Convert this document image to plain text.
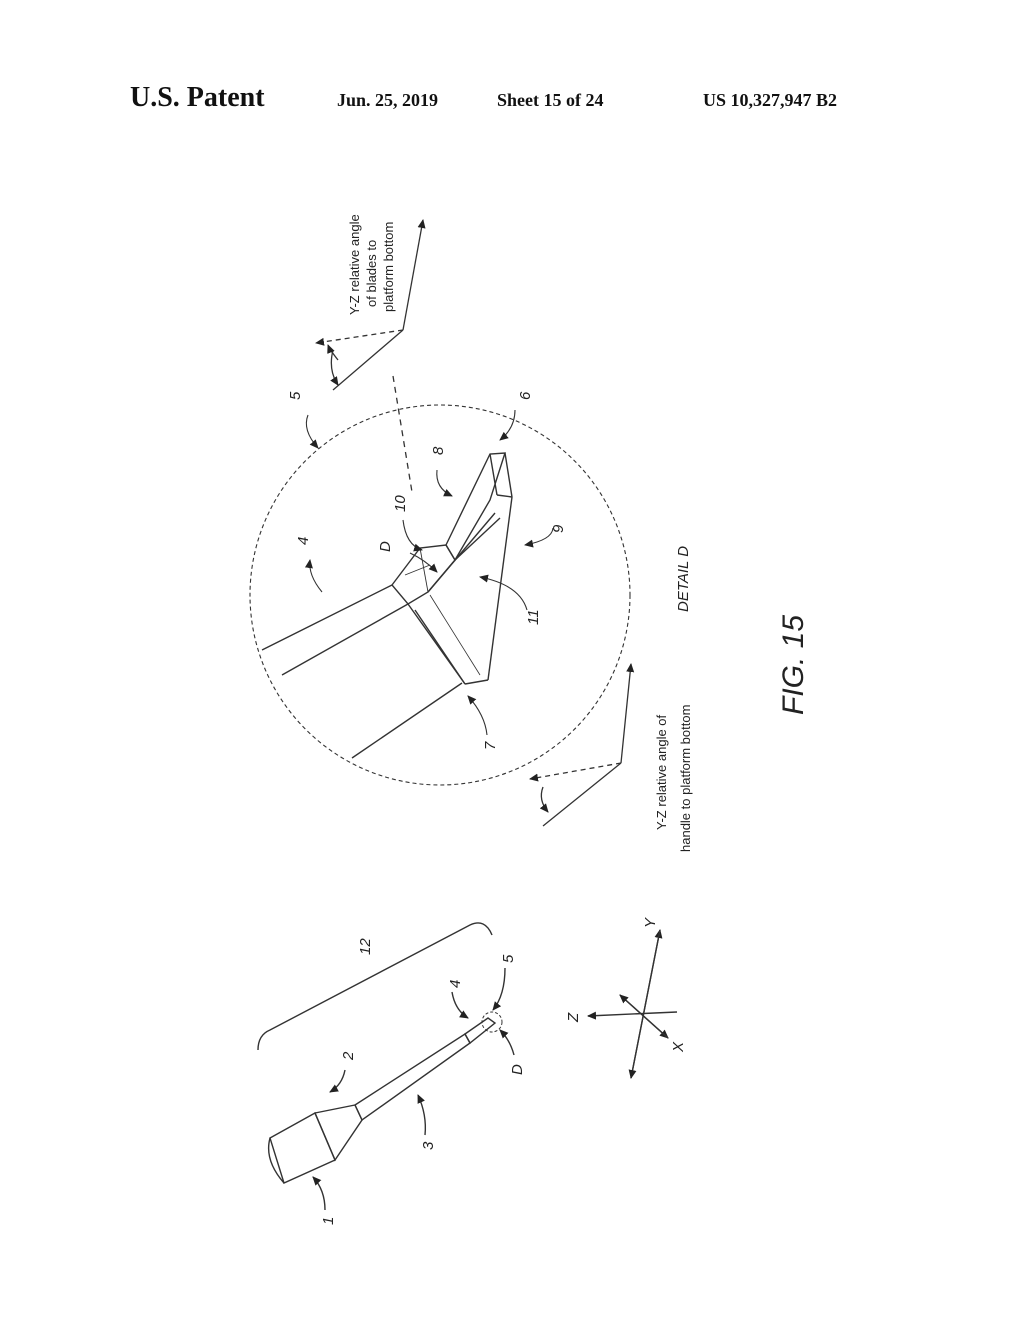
U.S. Patent	Jun. 25, 2019	Sheet 15 of 24	US 10,327,947 B2
5
4
6
8
10
D
9
11
7
DETAIL D
Y-Z relative angle of blades to platform bottom
Y-Z relative angle of handle to platform bottom
FIG. 15
12
2
4
5
3
1
D
Y
Z
X
